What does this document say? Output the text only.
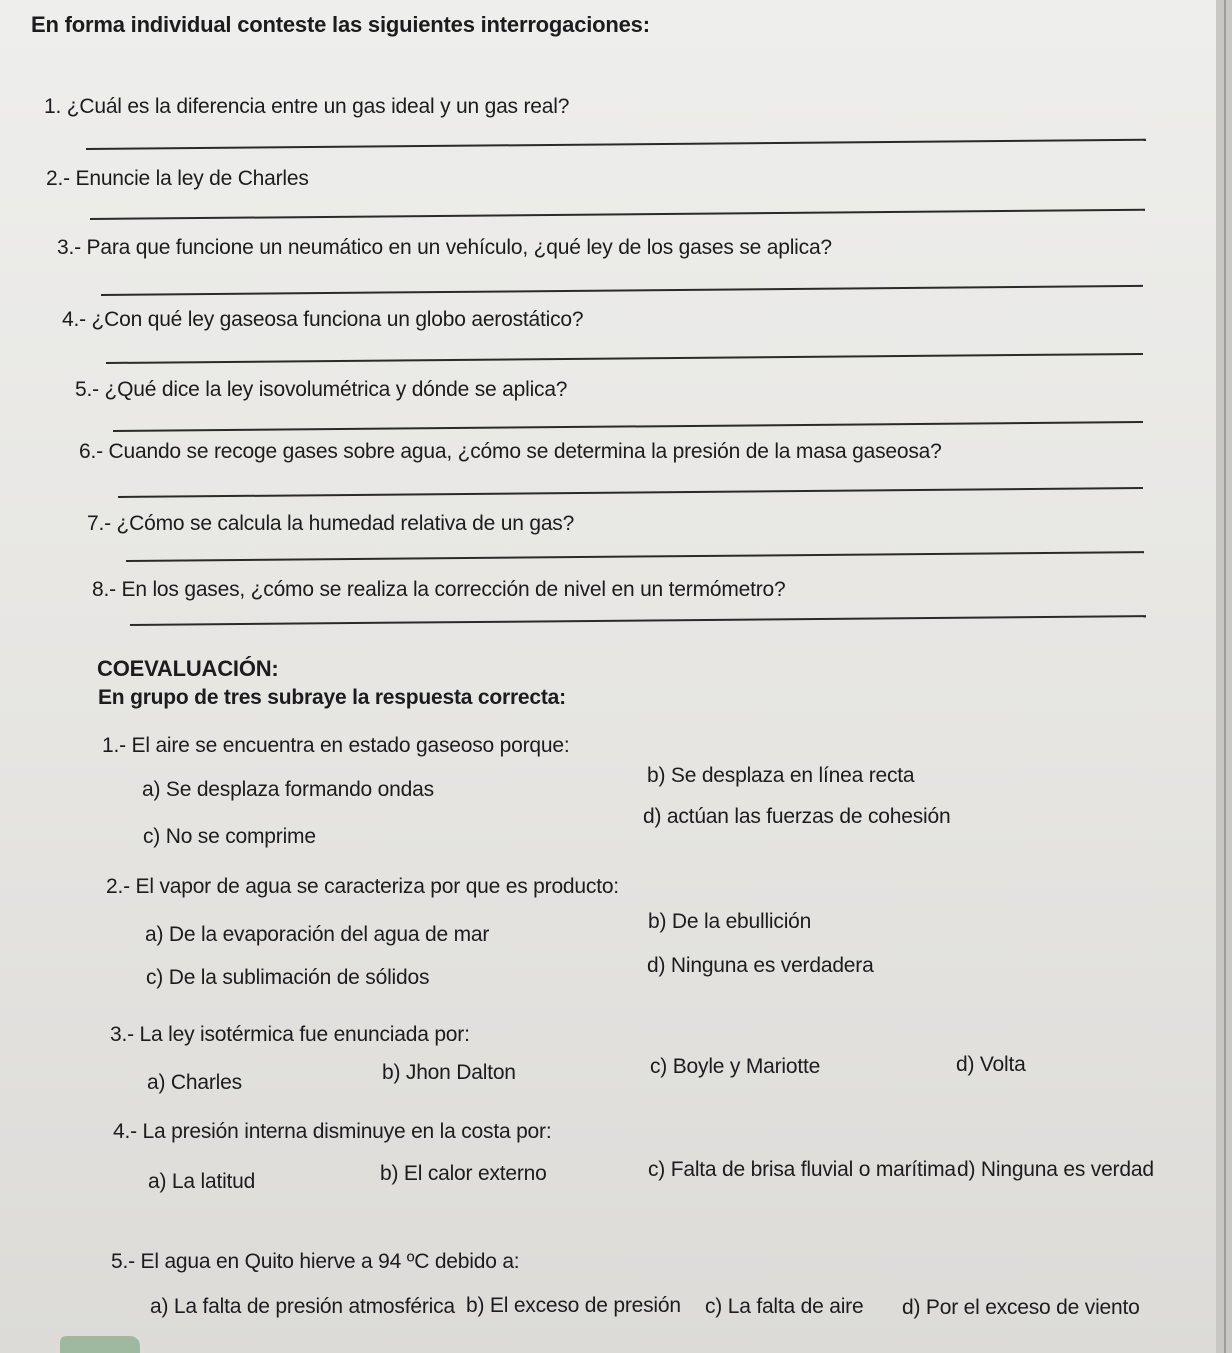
En forma individual conteste las siguientes interrogaciones:
1. ¿Cuál es la diferencia entre un gas ideal y un gas real?
2.- Enuncie la ley de Charles
3.- Para que funcione un neumático en un vehículo, ¿qué ley de los gases se aplica?
4.- ¿Con qué ley gaseosa funciona un globo aerostático?
5.- ¿Qué dice la ley isovolumétrica y dónde se aplica?
6.- Cuando se recoge gases sobre agua, ¿cómo se determina la presión de la masa gaseosa?
7.- ¿Cómo se calcula la humedad relativa de un gas?
8.- En los gases, ¿cómo se realiza la corrección de nivel en un termómetro?
COEVALUACIÓN:
En grupo de tres subraye la respuesta correcta:
1.- El aire se encuentra en estado gaseoso porque:
a) Se desplaza formando ondas
b) Se desplaza en línea recta
c) No se comprime
d) actúan las fuerzas de cohesión
2.- El vapor de agua se caracteriza por que es producto:
a) De la evaporación del agua de mar
b) De la ebullición
c) De la sublimación de sólidos
d) Ninguna es verdadera
3.- La ley isotérmica fue enunciada por:
a) Charles	b) Jhon Dalton	c) Boyle y Mariotte	d) Volta
4.- La presión interna disminuye en la costa por:
a) La latitud	b) El calor externo	c) Falta de brisa fluvial o marítima d) Ninguna es verdad
5.- El agua en Quito hierve a 94 ºC debido a:
a) La falta de presión atmosférica b) El exceso de presión c) La falta de aire d) Por el exceso de viento
